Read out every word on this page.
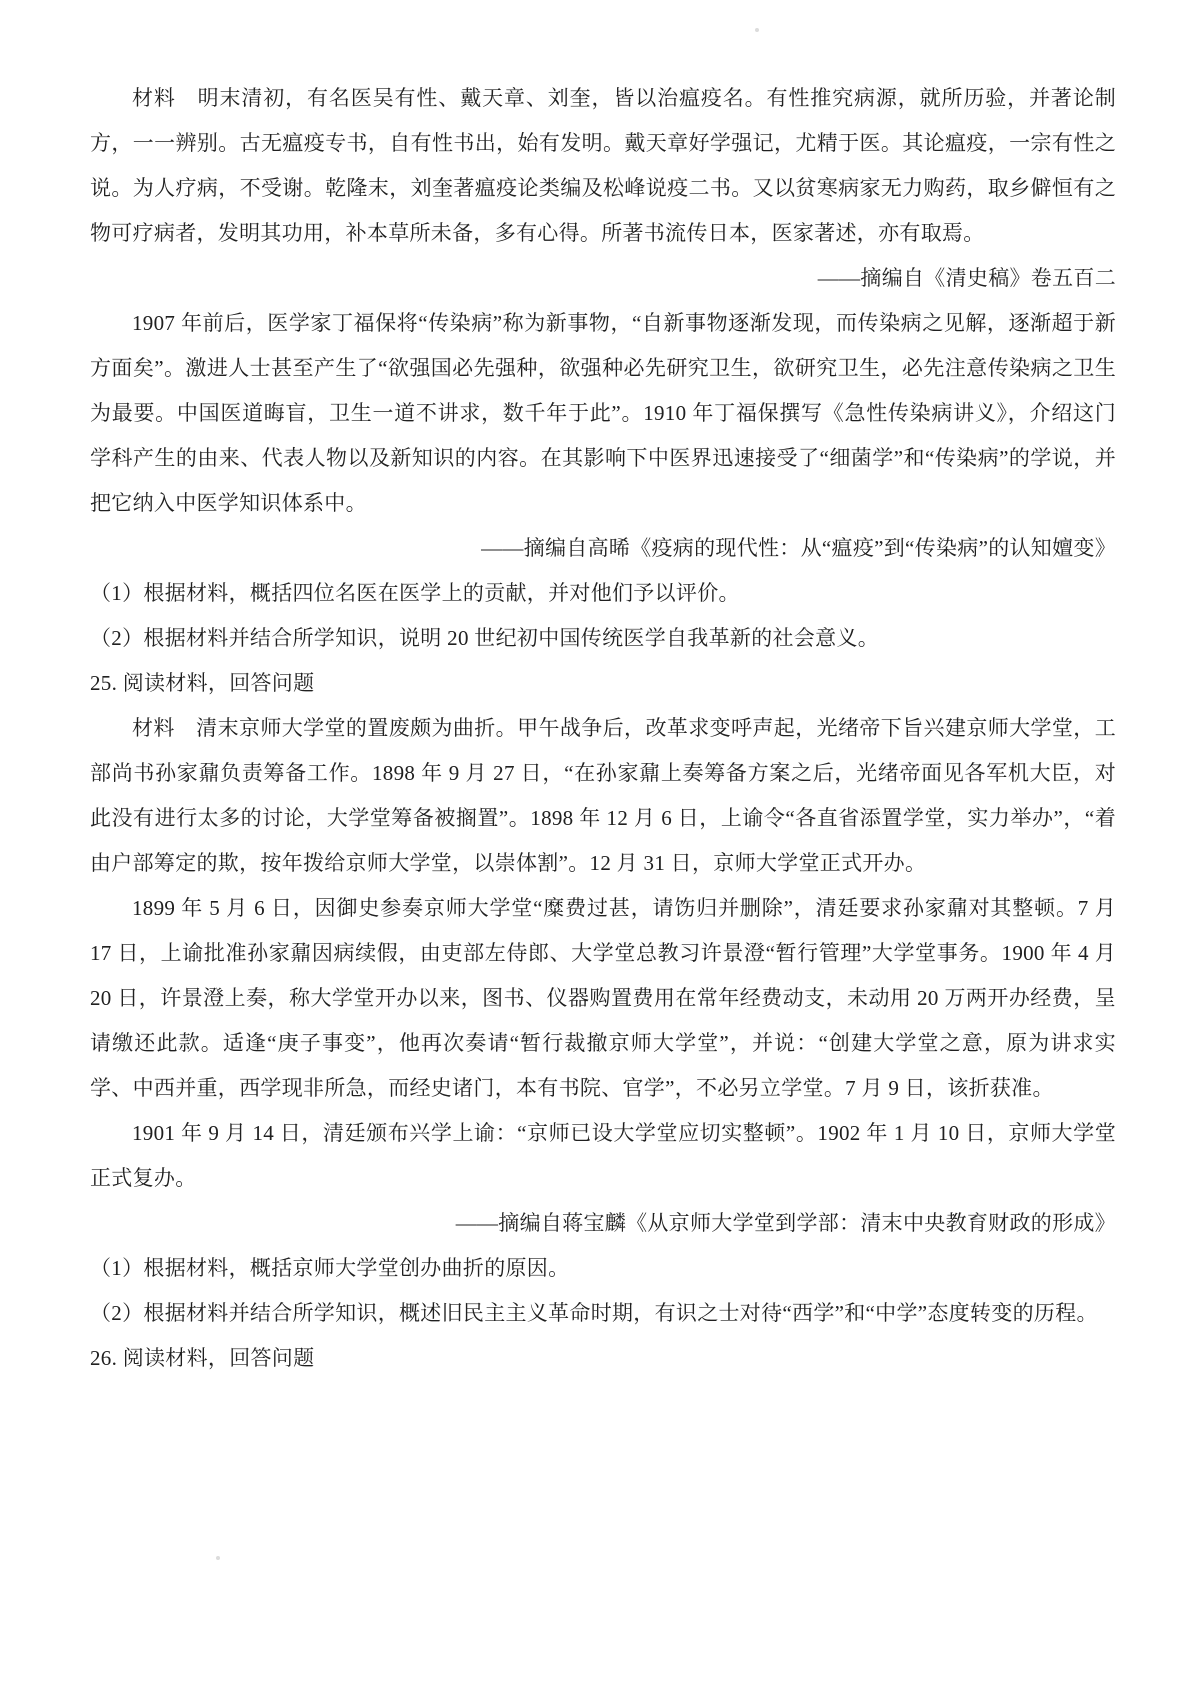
材料　明末清初，有名医吴有性、戴天章、刘奎，皆以治瘟疫名。有性推究病源，就所历验，并著论制方，一一辨别。古无瘟疫专书，自有性书出，始有发明。戴天章好学强记，尤精于医。其论瘟疫，一宗有性之说。为人疗病，不受谢。乾隆末，刘奎著瘟疫论类编及松峰说疫二书。又以贫寒病家无力购药，取乡僻恒有之物可疗病者，发明其功用，补本草所未备，多有心得。所著书流传日本，医家著述，亦有取焉。
——摘编自《清史稿》卷五百二
1907 年前后，医学家丁福保将“传染病”称为新事物，“自新事物逐渐发现，而传染病之见解，逐渐超于新方面矣”。激进人士甚至产生了“欲强国必先强种，欲强种必先研究卫生，欲研究卫生，必先注意传染病之卫生为最要。中国医道晦盲，卫生一道不讲求，数千年于此”。1910 年丁福保撰写《急性传染病讲义》，介绍这门学科产生的由来、代表人物以及新知识的内容。在其影响下中医界迅速接受了“细菌学”和“传染病”的学说，并把它纳入中医学知识体系中。
——摘编自高晞《疫病的现代性：从“瘟疫”到“传染病”的认知嬗变》
（1）根据材料，概括四位名医在医学上的贡献，并对他们予以评价。
（2）根据材料并结合所学知识，说明 20 世纪初中国传统医学自我革新的社会意义。
25. 阅读材料，回答问题
材料　清末京师大学堂的置废颇为曲折。甲午战争后，改革求变呼声起，光绪帝下旨兴建京师大学堂，工部尚书孙家鼐负责筹备工作。1898 年 9 月 27 日，“在孙家鼐上奏筹备方案之后，光绪帝面见各军机大臣，对此没有进行太多的讨论，大学堂筹备被搁置”。1898 年 12 月 6 日，上谕令“各直省添置学堂，实力举办”，“着由户部筹定的欺，按年拨给京师大学堂，以崇体割”。12 月 31 日，京师大学堂正式开办。
1899 年 5 月 6 日，因御史参奏京师大学堂“糜费过甚，请饬归并删除”，清廷要求孙家鼐对其整顿。7 月 17 日，上谕批准孙家鼐因病续假，由吏部左侍郎、大学堂总教习许景澄“暂行管理”大学堂事务。1900 年 4 月 20 日，许景澄上奏，称大学堂开办以来，图书、仪器购置费用在常年经费动支，未动用 20 万两开办经费，呈请缴还此款。适逢“庚子事变”，他再次奏请“暂行裁撤京师大学堂”，并说：“创建大学堂之意，原为讲求实学、中西并重，西学现非所急，而经史诸门，本有书院、官学”，不必另立学堂。7 月 9 日，该折获准。
1901 年 9 月 14 日，清廷颁布兴学上谕：“京师已设大学堂应切实整顿”。1902 年 1 月 10 日，京师大学堂正式复办。
——摘编自蒋宝麟《从京师大学堂到学部：清末中央教育财政的形成》
（1）根据材料，概括京师大学堂创办曲折的原因。
（2）根据材料并结合所学知识，概述旧民主主义革命时期，有识之士对待“西学”和“中学”态度转变的历程。
26. 阅读材料，回答问题
